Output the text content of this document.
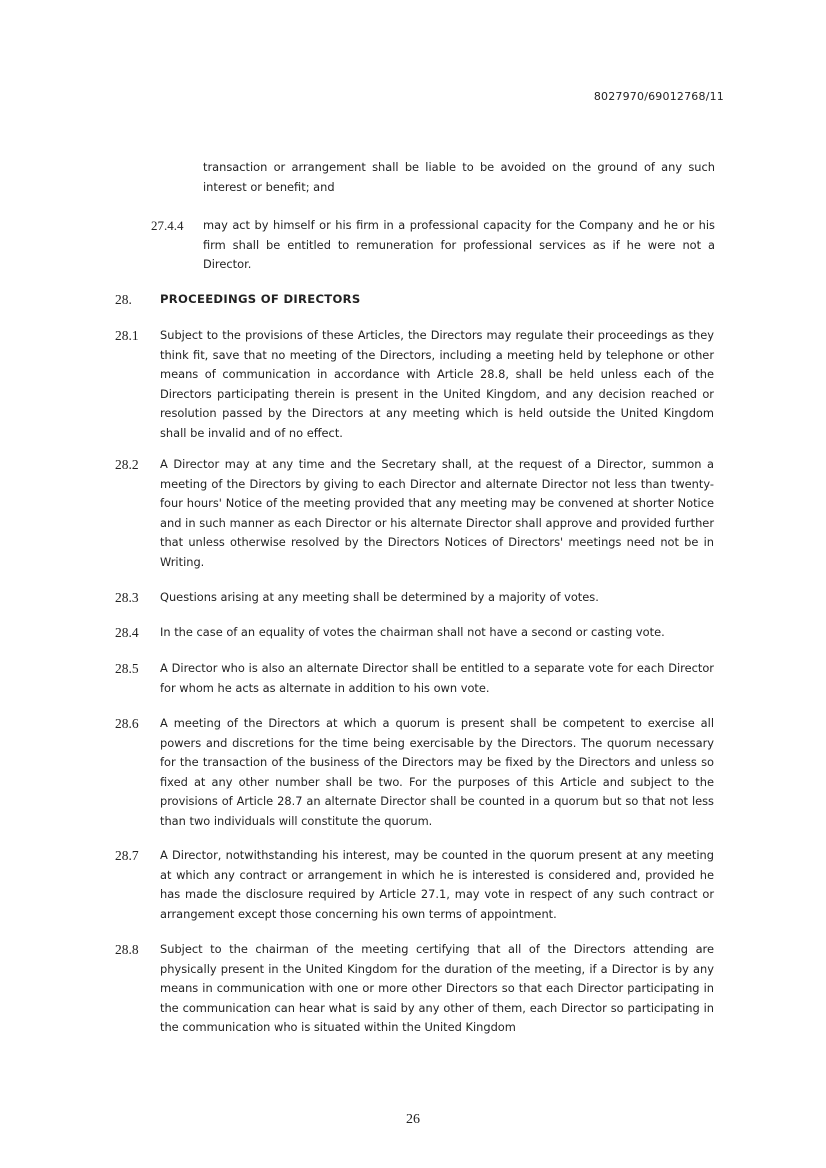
8027970/69012768/11

transaction or arrangement shall be liable to be avoided on the ground of any such interest or benefit; and

27.4.4 may act by himself or his firm in a professional capacity for the Company and he or his firm shall be entitled to remuneration for professional services as if he were not a Director.

28. PROCEEDINGS OF DIRECTORS
28.1 Subject to the provisions of these Articles, the Directors may regulate their proceedings as they think fit, save that no meeting of the Directors, including a meeting held by telephone or other means of communication in accordance with Article 28.8, shall be held unless each of the Directors participating therein is present in the United Kingdom, and any decision reached or resolution passed by the Directors at any meeting which is held outside the United Kingdom shall be invalid and of no effect.

28.2 A Director may at any time and the Secretary shall, at the request of a Director, summon a meeting of the Directors by giving to each Director and alternate Director not less than twenty-four hours' Notice of the meeting provided that any meeting may be convened at shorter Notice and in such manner as each Director or his alternate Director shall approve and provided further that unless otherwise resolved by the Directors Notices of Directors' meetings need not be in Writing.

28.3 Questions arising at any meeting shall be determined by a majority of votes.

28.4 In the case of an equality of votes the chairman shall not have a second or casting vote.

28.5 A Director who is also an alternate Director shall be entitled to a separate vote for each Director for whom he acts as alternate in addition to his own vote.

28.6 A meeting of the Directors at which a quorum is present shall be competent to exercise all powers and discretions for the time being exercisable by the Directors. The quorum necessary for the transaction of the business of the Directors may be fixed by the Directors and unless so fixed at any other number shall be two. For the purposes of this Article and subject to the provisions of Article 28.7 an alternate Director shall be counted in a quorum but so that not less than two individuals will constitute the quorum.

28.7 A Director, notwithstanding his interest, may be counted in the quorum present at any meeting at which any contract or arrangement in which he is interested is considered and, provided he has made the disclosure required by Article 27.1, may vote in respect of any such contract or arrangement except those concerning his own terms of appointment.

28.8 Subject to the chairman of the meeting certifying that all of the Directors attending are physically present in the United Kingdom for the duration of the meeting, if a Director is by any means in communication with one or more other Directors so that each Director participating in the communication can hear what is said by any other of them, each Director so participating in the communication who is situated within the United Kingdom

26
